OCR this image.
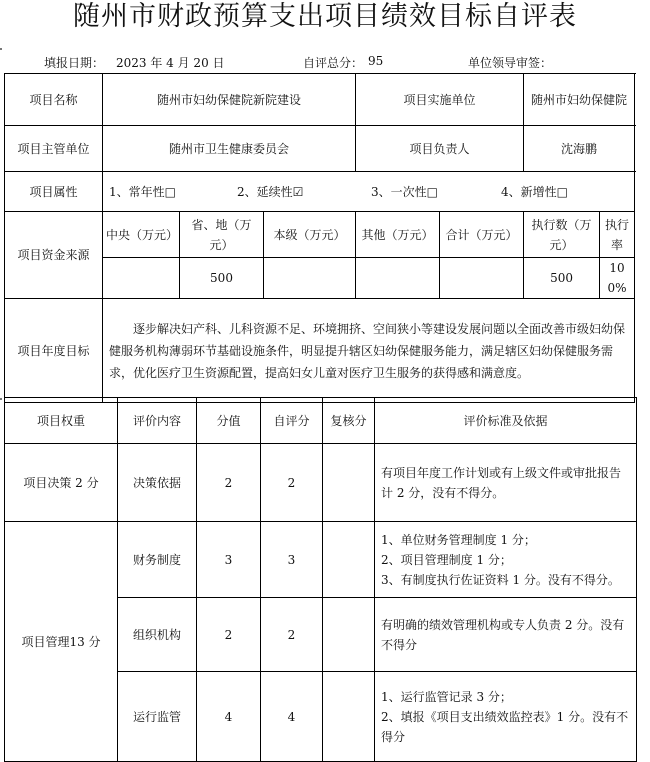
随州市财政预算支出项目绩效目标自评表
填报日期： 2023 年 4 月 20 日	自评总分： 95	单位领导审签：
项目名称	随州市妇幼保健院新院建设			项目实施单位		随州市妇幼保健院	
项目主管单位	随州市卫生健康委员会			项目负责人		沈海鹏	
项目属性	1、常年性□ 2、延续性☑ 3、一次性□ 4、新增性□						
项目资金来源	中央（万元）	省、地（万元）	本级（万元）	其他（万元）	合计（万元）	执行数（万元）	执行率
		500				500	100%
项目年度目标	逐步解决妇产科、儿科资源不足、环境拥挤、空间狭小等建设发展问题以全面改善市级妇幼保健服务机构薄弱环节基础设施条件，明显提升辖区妇幼保健服务能力，满足辖区妇幼保健服务需求，优化医疗卫生资源配置，提高妇女儿童对医疗卫生服务的获得感和满意度。						
项目权重	评价内容	分值	自评分	复核分	评价标准及依据
项目决策 2 分	决策依据	2	2		有项目年度工作计划或有上级文件或审批报告计 2 分，没有不得分。

项目管理13 分	财务制度	3	3		1、单位财务管理制度 1 分；
2、项目管理制度 1 分；
3、有制度执行佐证资料 1 分。没有不得分。

	组织机构	2	2		有明确的绩效管理机构或专人负责 2 分。没有不得分

	运行监管	4	4		1、运行监管记录 3 分；
2、填报《项目支出绩效监控表》1 分。没有不得分
